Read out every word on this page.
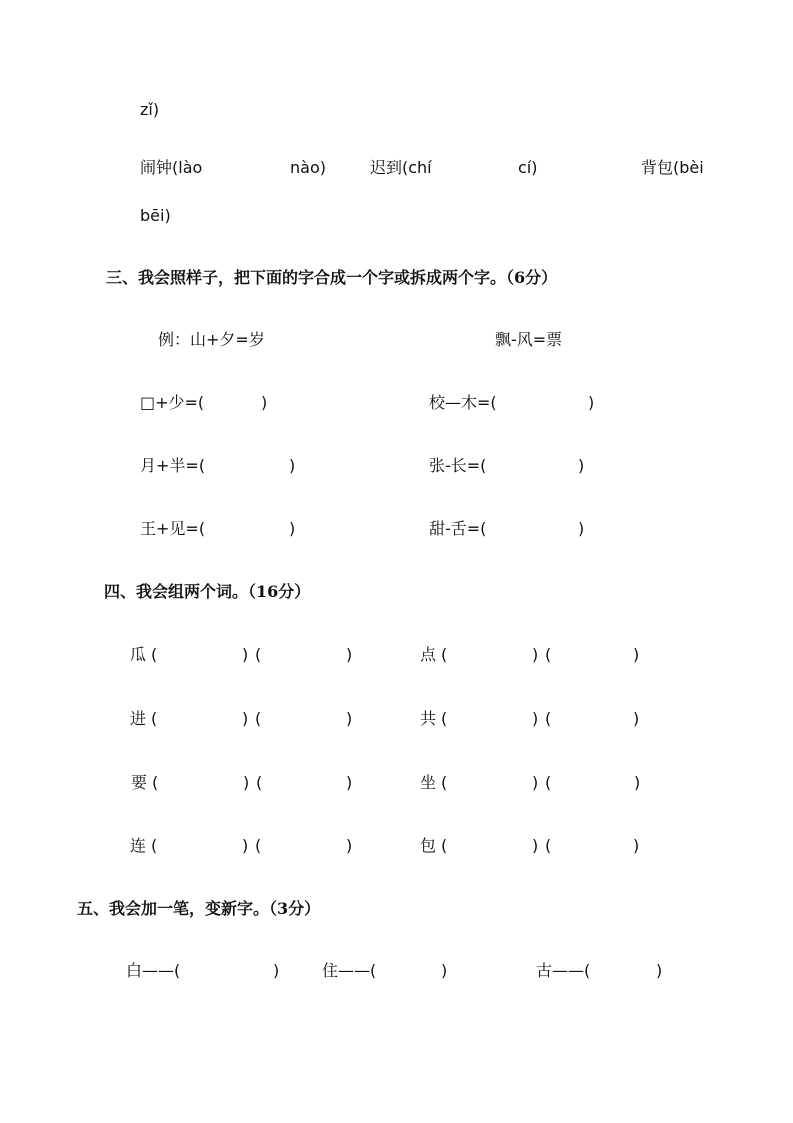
zǐ)
闹钟(lào	nào)	迟到(chí	cí)	背包(bèi
bēi)
三、我会照样子，把下面的字合成一个字或拆成两个字。（6分）
例：山+夕=岁	飘-风=票
□+少=(	)	校—木=(	)
月+半=(	)	张-长=(	)
王+见=(	)	甜-舌=(	)
四、我会组两个词。（16分）
瓜 (	) (	)	点 (	) (	)
进 (	) (	)	共 (	) (	)
要 (	) (	)	坐 (	) (	)
连 (	) (	)	包 (	) (	)
五、我会加一笔，变新字。（3分）
白——(	)	住——(	)	古——(	)
